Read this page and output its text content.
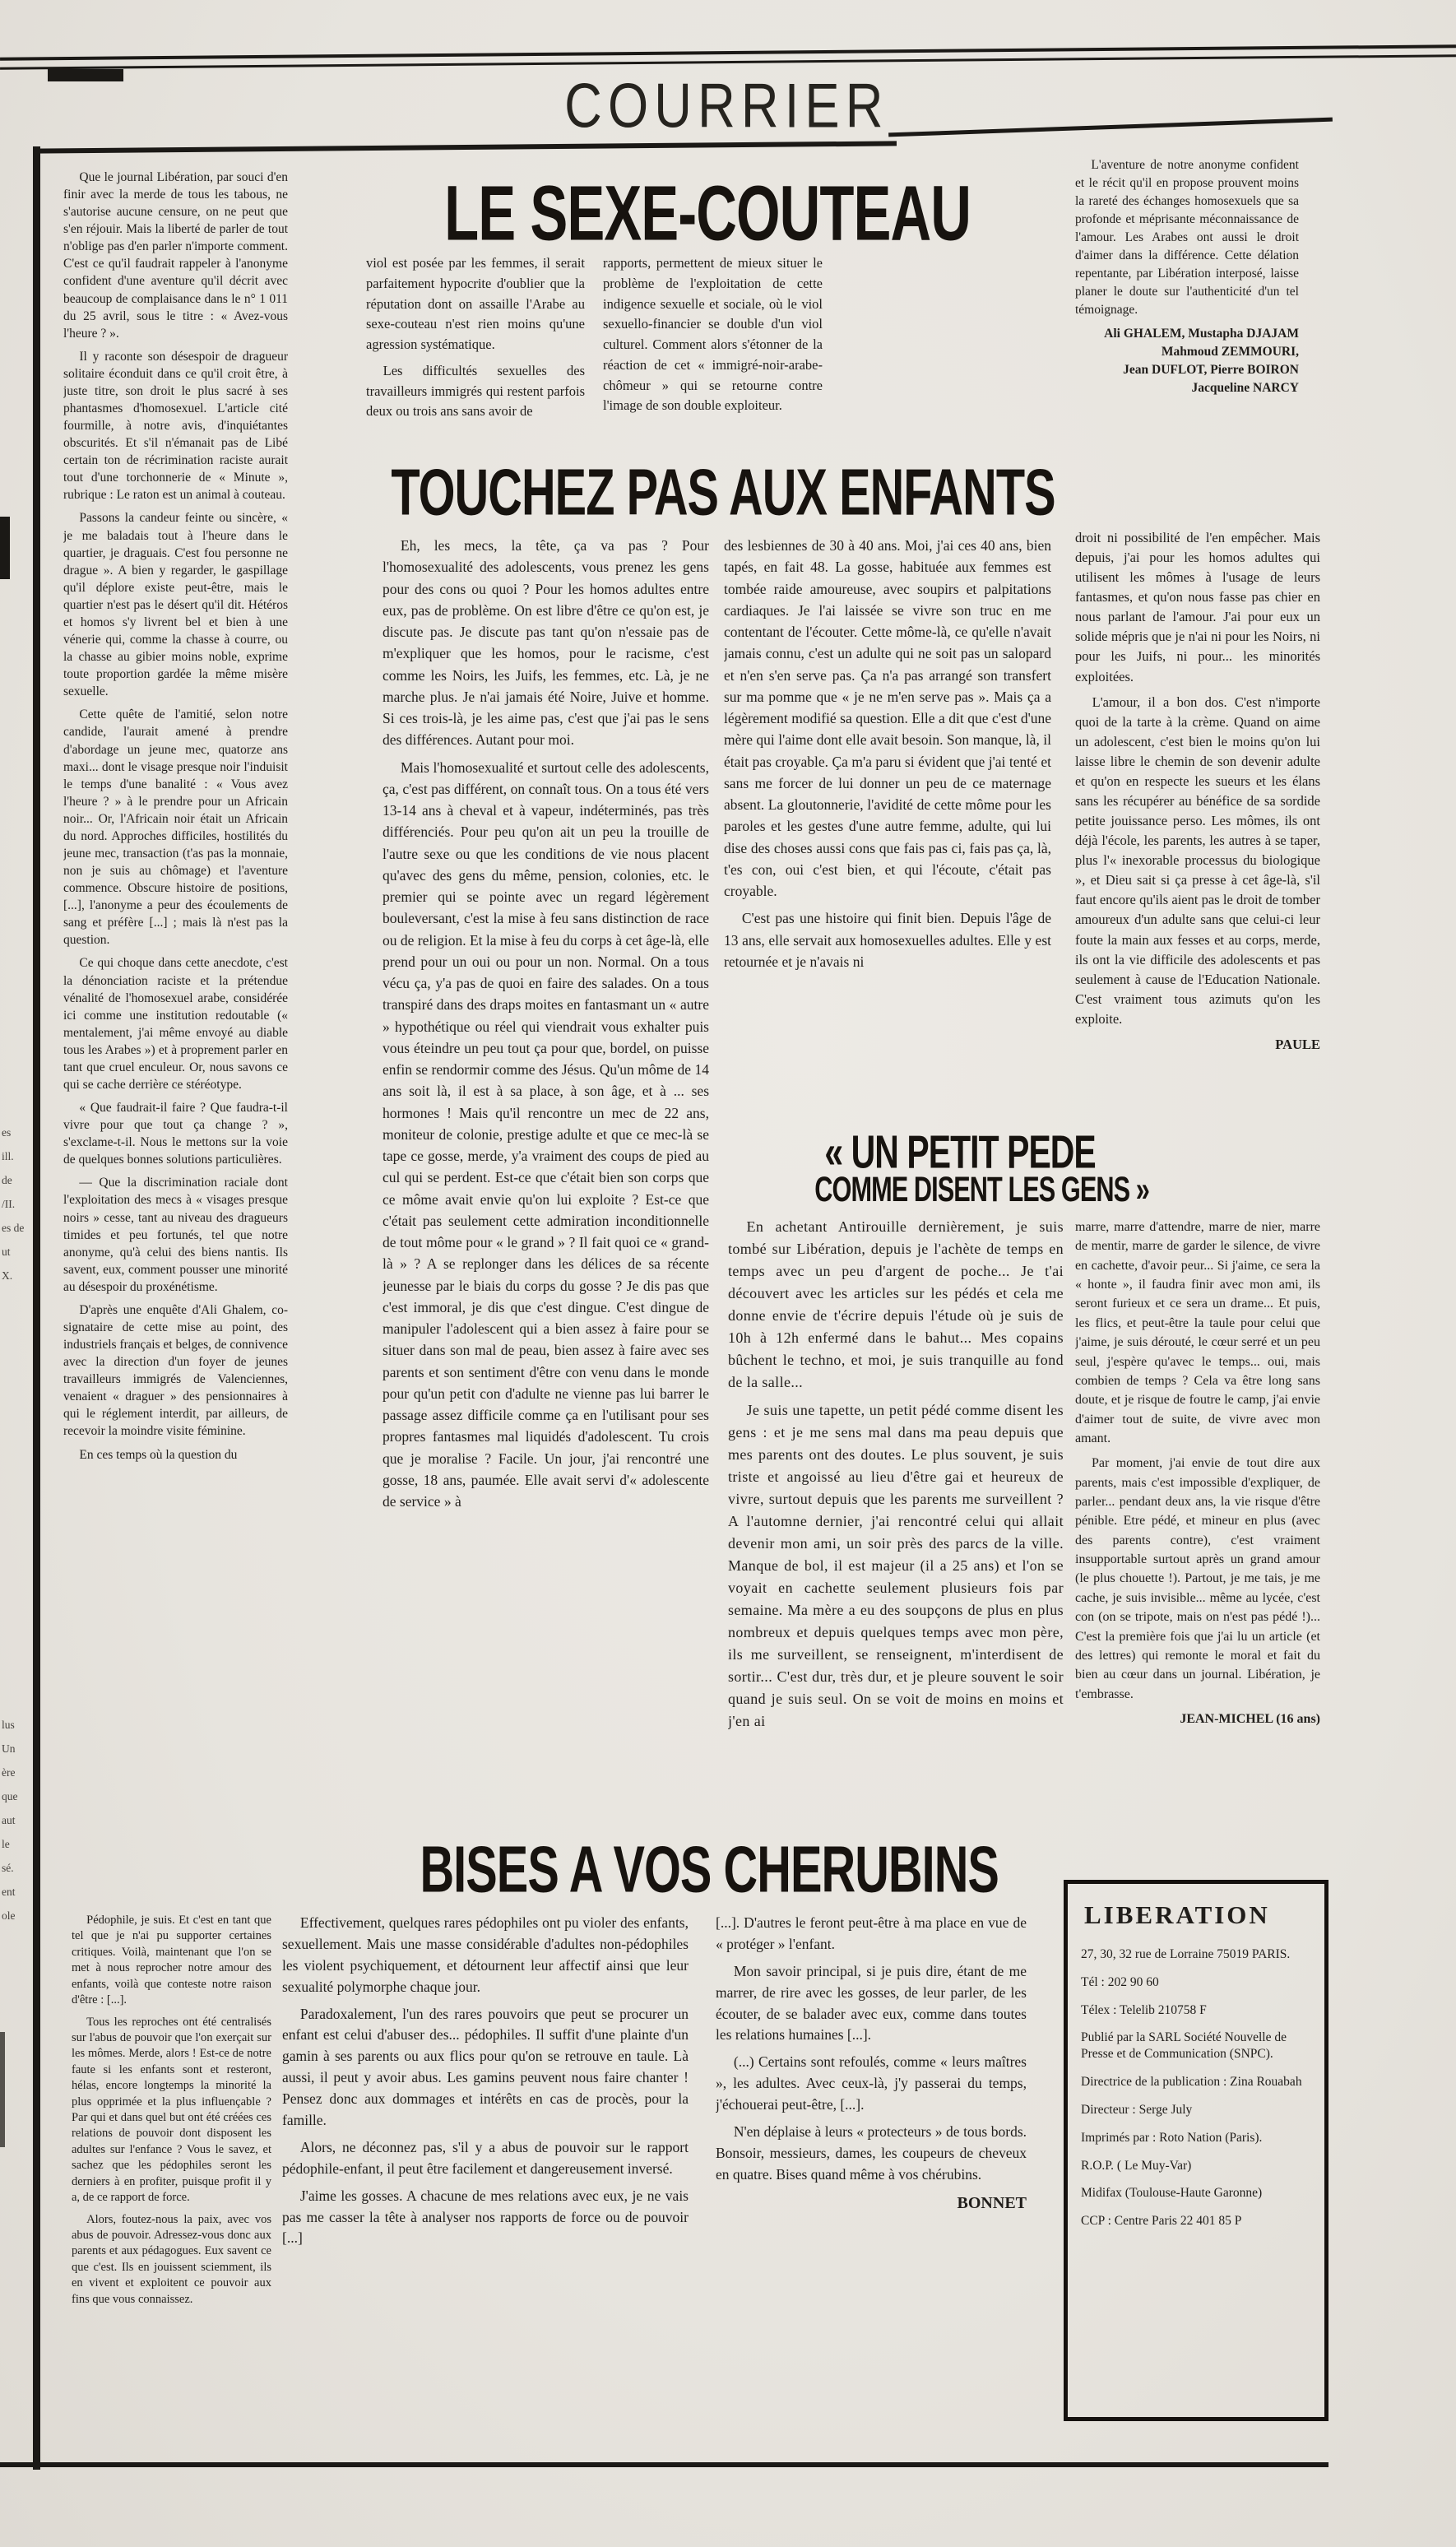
COURRIER
es
ill.
de
/II.
es de
ut
X.
lus
Un
ère
que
aut
le
sé.
ent
ole

Que le journal Libération, par souci d'en finir avec la merde de tous les tabous, ne s'autorise aucune censure, on ne peut que s'en réjouir. Mais la liberté de parler de tout n'oblige pas d'en parler n'importe comment. C'est ce qu'il faudrait rappeler à l'anonyme confident d'une aventure qu'il décrit avec beaucoup de complaisance dans le n° 1 011 du 25 avril, sous le titre : « Avez-vous l'heure ? ».

Il y raconte son désespoir de dragueur solitaire éconduit dans ce qu'il croit être, à juste titre, son droit le plus sacré à ses phantasmes d'homosexuel. L'article cité fourmille, à notre avis, d'inquiétantes obscurités. Et s'il n'émanait pas de Libé certain ton de récrimination raciste aurait tout d'une torchonnerie de « Minute », rubrique : Le raton est un animal à couteau.

Passons la candeur feinte ou sincère, « je me baladais tout à l'heure dans le quartier, je draguais. C'est fou personne ne drague ». A bien y regarder, le gaspillage qu'il déplore existe peut-être, mais le quartier n'est pas le désert qu'il dit. Hétéros et homos s'y livrent bel et bien à une vénerie qui, comme la chasse à courre, ou la chasse au gibier moins noble, exprime toute proportion gardée la même misère sexuelle.

Cette quête de l'amitié, selon notre candide, l'aurait amené à prendre d'abordage un jeune mec, quatorze ans maxi... dont le visage presque noir l'induisit le temps d'une banalité : « Vous avez l'heure ? » à le prendre pour un Africain noir... Or, l'Africain noir était un Africain du nord. Approches difficiles, hostilités du jeune mec, transaction (t'as pas la monnaie, non je suis au chômage) et l'aventure commence. Obscure histoire de positions, [...], l'anonyme a peur des écoulements de sang et préfère [...] ; mais là n'est pas la question.

Ce qui choque dans cette anecdote, c'est la dénonciation raciste et la prétendue vénalité de l'homosexuel arabe, considérée ici comme une institution redoutable (« mentalement, j'ai même envoyé au diable tous les Arabes ») et à proprement parler en tant que cruel enculeur. Or, nous savons ce qui se cache derrière ce stéréotype.

« Que faudrait-il faire ? Que faudra-t-il vivre pour que tout ça change ? », s'exclame-t-il. Nous le mettons sur la voie de quelques bonnes solutions particulières.

— Que la discrimination raciale dont l'exploitation des mecs à « visages presque noirs » cesse, tant au niveau des dragueurs timides et peu fortunés, tel que notre anonyme, qu'à celui des biens nantis. Ils savent, eux, comment pousser une minorité au désespoir du proxénétisme.

D'après une enquête d'Ali Ghalem, co-signataire de cette mise au point, des industriels français et belges, de connivence avec la direction d'un foyer de jeunes travailleurs immigrés de Valenciennes, venaient « draguer » des pensionnaires à qui le réglement interdit, par ailleurs, de recevoir la moindre visite féminine.

En ces temps où la question du

LE SEXE-COUTEAU

viol est posée par les femmes, il serait parfaitement hypocrite d'oublier que la réputation dont on assaille l'Arabe au sexe-couteau n'est rien moins qu'une agression systématique.

Les difficultés sexuelles des travailleurs immigrés qui restent parfois deux ou trois ans sans avoir de

rapports, permettent de mieux situer le problème de l'exploitation de cette indigence sexuelle et sociale, où le viol sexuello-financier se double d'un viol culturel. Comment alors s'étonner de la réaction de cet « immigré-noir-arabe-chômeur » qui se retourne contre l'image de son double exploiteur.

L'aventure de notre anonyme confident et le récit qu'il en propose prouvent moins la rareté des échanges homosexuels que sa profonde et méprisante méconnaissance de l'amour. Les Arabes ont aussi le droit d'aimer dans la différence. Cette délation repentante, par Libération interposé, laisse planer le doute sur l'authenticité d'un tel témoignage.

Ali GHALEM, Mustapha DJAJAM

Mahmoud ZEMMOURI,

Jean DUFLOT, Pierre BOIRON

Jacqueline NARCY

TOUCHEZ PAS AUX ENFANTS

Eh, les mecs, la tête, ça va pas ? Pour l'homosexualité des adolescents, vous prenez les gens pour des cons ou quoi ? Pour les homos adultes entre eux, pas de problème. On est libre d'être ce qu'on est, je discute pas. Je discute pas tant qu'on n'essaie pas de m'expliquer que les homos, pour le racisme, c'est comme les Noirs, les Juifs, les femmes, etc. Là, je ne marche plus. Je n'ai jamais été Noire, Juive et homme. Si ces trois-là, je les aime pas, c'est que j'ai pas le sens des différences. Autant pour moi.

Mais l'homosexualité et surtout celle des adolescents, ça, c'est pas différent, on connaît tous. On a tous été vers 13-14 ans à cheval et à vapeur, indéterminés, pas très différenciés. Pour peu qu'on ait un peu la trouille de l'autre sexe ou que les conditions de vie nous placent qu'avec des gens du même, pension, colonies, etc. le premier qui se pointe avec un regard légèrement bouleversant, c'est la mise à feu sans distinction de race ou de religion. Et la mise à feu du corps à cet âge-là, elle prend pour un oui ou pour un non. Normal. On a tous vécu ça, y'a pas de quoi en faire des salades. On a tous transpiré dans des draps moites en fantasmant un « autre » hypothétique ou réel qui viendrait vous exhalter puis vous éteindre un peu tout ça pour que, bordel, on puisse enfin se rendormir comme des Jésus. Qu'un môme de 14 ans soit là, il est à sa place, à son âge, et à ... ses hormones ! Mais qu'il rencontre un mec de 22 ans, moniteur de colonie, prestige adulte et que ce mec-là se tape ce gosse, merde, y'a vraiment des coups de pied au cul qui se perdent. Est-ce que c'était bien son corps que ce môme avait envie qu'on lui exploite ? Est-ce que c'était pas seulement cette admiration inconditionnelle de tout môme pour « le grand » ? Il fait quoi ce « grand-là » ? A se replonger dans les délices de sa récente jeunesse par le biais du corps du gosse ? Je dis pas que c'est immoral, je dis que c'est dingue. C'est dingue de manipuler l'adolescent qui a bien assez à faire pour se situer dans son mal de peau, bien assez à faire avec ses parents et son sentiment d'être con venu dans le monde pour qu'un petit con d'adulte ne vienne pas lui barrer le passage assez difficile comme ça en l'utilisant pour ses propres fantasmes mal liquidés d'adolescent. Tu crois que je moralise ? Facile. Un jour, j'ai rencontré une gosse, 18 ans, paumée. Elle avait servi d'« adolescente de service » à

des lesbiennes de 30 à 40 ans. Moi, j'ai ces 40 ans, bien tapés, en fait 48. La gosse, habituée aux femmes est tombée raide amoureuse, avec soupirs et palpitations cardiaques. Je l'ai laissée se vivre son truc en me contentant de l'écouter. Cette môme-là, ce qu'elle n'avait jamais connu, c'est un adulte qui ne soit pas un salopard et n'en s'en serve pas. Ça n'a pas arrangé son transfert sur ma pomme que « je ne m'en serve pas ». Mais ça a légèrement modifié sa question. Elle a dit que c'est d'une mère qui l'aime dont elle avait besoin. Son manque, là, il était pas croyable. Ça m'a paru si évident que j'ai tenté et sans me forcer de lui donner un peu de ce maternage absent. La gloutonnerie, l'avidité de cette môme pour les paroles et les gestes d'une autre femme, adulte, qui lui dise des choses aussi cons que fais pas ci, fais pas ça, là, t'es con, oui c'est bien, et qui l'écoute, c'était pas croyable.

C'est pas une histoire qui finit bien. Depuis l'âge de 13 ans, elle servait aux homosexuelles adultes. Elle y est retournée et je n'avais ni

droit ni possibilité de l'en empêcher. Mais depuis, j'ai pour les homos adultes qui utilisent les mômes à l'usage de leurs fantasmes, et qu'on nous fasse pas chier en nous parlant de l'amour. J'ai pour eux un solide mépris que je n'ai ni pour les Noirs, ni pour les Juifs, ni pour... les minorités exploitées.

L'amour, il a bon dos. C'est n'importe quoi de la tarte à la crème. Quand on aime un adolescent, c'est bien le moins qu'on lui laisse libre le chemin de son devenir adulte et qu'on en respecte les sueurs et les élans sans les récupérer au bénéfice de sa sordide petite jouissance perso. Les mômes, ils ont déjà l'école, les parents, les autres à se taper, plus l'« inexorable processus du biologique », et Dieu sait si ça presse à cet âge-là, s'il faut encore qu'ils aient pas le droit de tomber amoureux d'un adulte sans que celui-ci leur foute la main aux fesses et au corps, merde, ils ont la vie difficile des adolescents et pas seulement à cause de l'Education Nationale. C'est vraiment tous azimuts qu'on les exploite.

PAULE

« UN PETIT PEDE
COMME DISENT LES GENS »

En achetant Antirouille dernièrement, je suis tombé sur Libération, depuis je l'achète de temps en temps avec un peu d'argent de poche... Je t'ai découvert avec les articles sur les pédés et cela me donne envie de t'écrire depuis l'étude où je suis de 10h à 12h enfermé dans le bahut... Mes copains bûchent le techno, et moi, je suis tranquille au fond de la salle...

Je suis une tapette, un petit pédé comme disent les gens : et je me sens mal dans ma peau depuis que mes parents ont des doutes. Le plus souvent, je suis triste et angoissé au lieu d'être gai et heureux de vivre, surtout depuis que les parents me surveillent ? A l'automne dernier, j'ai rencontré celui qui allait devenir mon ami, un soir près des parcs de la ville. Manque de bol, il est majeur (il a 25 ans) et l'on se voyait en cachette seulement plusieurs fois par semaine. Ma mère a eu des soupçons de plus en plus nombreux et depuis quelques temps avec mon père, ils me surveillent, se renseignent, m'interdisent de sortir... C'est dur, très dur, et je pleure souvent le soir quand je suis seul. On se voit de moins en moins et j'en ai

marre, marre d'attendre, marre de nier, marre de mentir, marre de garder le silence, de vivre en cachette, d'avoir peur... Si j'aime, ce sera la « honte », il faudra finir avec mon ami, ils seront furieux et ce sera un drame... Et puis, les flics, et peut-être la taule pour celui que j'aime, je suis dérouté, le cœur serré et un peu seul, j'espère qu'avec le temps... oui, mais combien de temps ? Cela va être long sans doute, et je risque de foutre le camp, j'ai envie d'aimer tout de suite, de vivre avec mon amant.

Par moment, j'ai envie de tout dire aux parents, mais c'est impossible d'expliquer, de parler... pendant deux ans, la vie risque d'être pénible. Etre pédé, et mineur en plus (avec des parents contre), c'est vraiment insupportable surtout après un grand amour (le plus chouette !). Partout, je me tais, je me cache, je suis invisible... même au lycée, c'est con (on se tripote, mais on n'est pas pédé !)... C'est la première fois que j'ai lu un article (et des lettres) qui remonte le moral et fait du bien au cœur dans un journal. Libération, je t'embrasse.

JEAN-MICHEL (16 ans)

BISES A VOS CHERUBINS

Pédophile, je suis. Et c'est en tant que tel que je n'ai pu supporter certaines critiques. Voilà, maintenant que l'on se met à nous reprocher notre amour des enfants, voilà que conteste notre raison d'être : [...].

Tous les reproches ont été centralisés sur l'abus de pouvoir que l'on exerçait sur les mômes. Merde, alors ! Est-ce de notre faute si les enfants sont et resteront, hélas, encore longtemps la minorité la plus opprimée et la plus influençable ? Par qui et dans quel but ont été créées ces relations de pouvoir dont disposent les adultes sur l'enfance ? Vous le savez, et sachez que les pédophiles seront les derniers à en profiter, puisque profit il y a, de ce rapport de force.

Alors, foutez-nous la paix, avec vos abus de pouvoir. Adressez-vous donc aux parents et aux pédagogues. Eux savent ce que c'est. Ils en jouissent sciemment, ils en vivent et exploitent ce pouvoir aux fins que vous connaissez.

Effectivement, quelques rares pédophiles ont pu violer des enfants, sexuellement. Mais une masse considérable d'adultes non-pédophiles les violent psychiquement, et détournent leur affectif ainsi que leur sexualité polymorphe chaque jour.

Paradoxalement, l'un des rares pouvoirs que peut se procurer un enfant est celui d'abuser des... pédophiles. Il suffit d'une plainte d'un gamin à ses parents ou aux flics pour qu'on se retrouve en taule. Là aussi, il peut y avoir abus. Les gamins peuvent nous faire chanter ! Pensez donc aux dommages et intérêts en cas de procès, pour la famille.

Alors, ne déconnez pas, s'il y a abus de pouvoir sur le rapport pédophile-enfant, il peut être facilement et dangereusement inversé.

J'aime les gosses. A chacune de mes relations avec eux, je ne vais pas me casser la tête à analyser nos rapports de force ou de pouvoir [...]

[...]. D'autres le feront peut-être à ma place en vue de « protéger » l'enfant.

Mon savoir principal, si je puis dire, étant de me marrer, de rire avec les gosses, de leur parler, de les écouter, de se balader avec eux, comme dans toutes les relations humaines [...].

(...) Certains sont refoulés, comme « leurs maîtres », les adultes. Avec ceux-là, j'y passerai du temps, j'échouerai peut-être, [...].

N'en déplaise à leurs « protecteurs » de tous bords. Bonsoir, messieurs, dames, les coupeurs de cheveux en quatre. Bises quand même à vos chérubins.

BONNET

LIBERATION

27, 30, 32 rue de Lorraine 75019 PARIS.

Tél : 202 90 60

Télex : Telelib 210758 F

Publié par la SARL Société Nouvelle de Presse et de Communication (SNPC).

Directrice de la publication : Zina Rouabah

Directeur : Serge July

Imprimés par : Roto Nation (Paris).

R.O.P. ( Le Muy-Var)

Midifax (Toulouse-Haute Garonne)

CCP : Centre Paris 22 401 85 P
